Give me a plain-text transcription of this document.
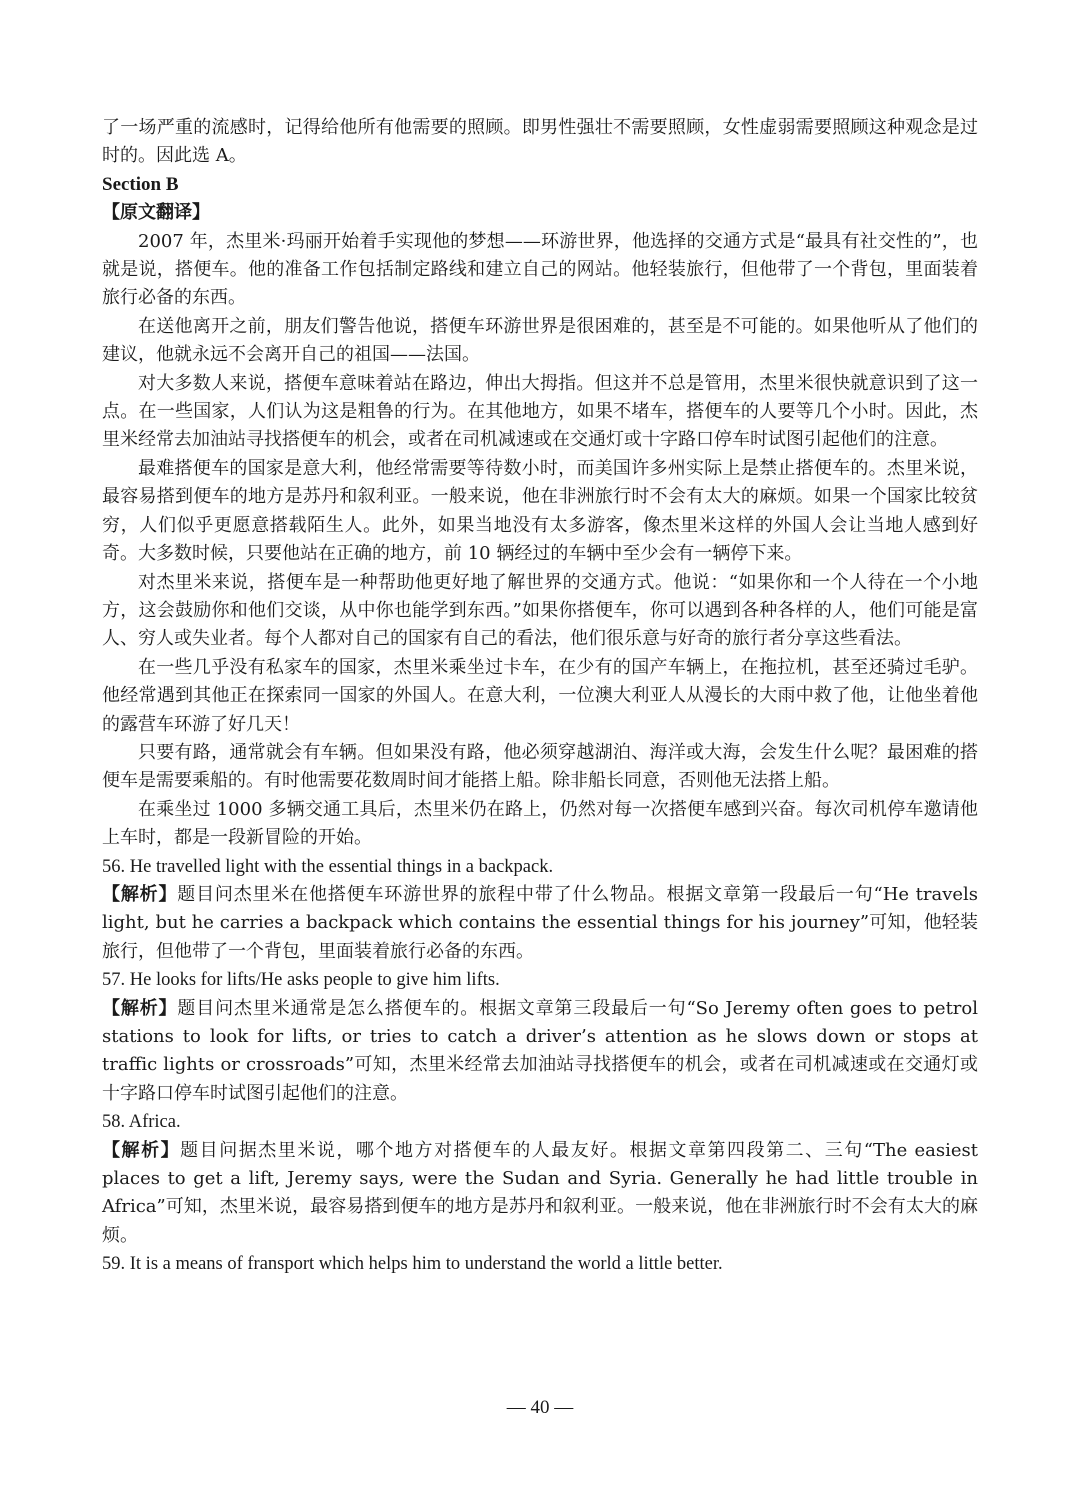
了一场严重的流感时，记得给他所有他需要的照顾。即男性强壮不需要照顾，女性虚弱需要照顾这种观念是过时的。因此选 A。

Section B

【原文翻译】

2007 年，杰里米·玛丽开始着手实现他的梦想——环游世界，他选择的交通方式是“最具有社交性的”，也就是说，搭便车。他的准备工作包括制定路线和建立自己的网站。他轻装旅行，但他带了一个背包，里面装着旅行必备的东西。

在送他离开之前，朋友们警告他说，搭便车环游世界是很困难的，甚至是不可能的。如果他听从了他们的建议，他就永远不会离开自己的祖国——法国。

对大多数人来说，搭便车意味着站在路边，伸出大拇指。但这并不总是管用，杰里米很快就意识到了这一点。在一些国家，人们认为这是粗鲁的行为。在其他地方，如果不堵车，搭便车的人要等几个小时。因此，杰里米经常去加油站寻找搭便车的机会，或者在司机减速或在交通灯或十字路口停车时试图引起他们的注意。

最难搭便车的国家是意大利，他经常需要等待数小时，而美国许多州实际上是禁止搭便车的。杰里米说，最容易搭到便车的地方是苏丹和叙利亚。一般来说，他在非洲旅行时不会有太大的麻烦。如果一个国家比较贫穷，人们似乎更愿意搭载陌生人。此外，如果当地没有太多游客，像杰里米这样的外国人会让当地人感到好奇。大多数时候，只要他站在正确的地方，前 10 辆经过的车辆中至少会有一辆停下来。

对杰里米来说，搭便车是一种帮助他更好地了解世界的交通方式。他说：“如果你和一个人待在一个小地方，这会鼓励你和他们交谈，从中你也能学到东西。”如果你搭便车，你可以遇到各种各样的人，他们可能是富人、穷人或失业者。每个人都对自己的国家有自己的看法，他们很乐意与好奇的旅行者分享这些看法。

在一些几乎没有私家车的国家，杰里米乘坐过卡车，在少有的国产车辆上，在拖拉机，甚至还骑过毛驴。他经常遇到其他正在探索同一国家的外国人。在意大利，一位澳大利亚人从漫长的大雨中救了他，让他坐着他的露营车环游了好几天！

只要有路，通常就会有车辆。但如果没有路，他必须穿越湖泊、海洋或大海，会发生什么呢？最困难的搭便车是需要乘船的。有时他需要花数周时间才能搭上船。除非船长同意，否则他无法搭上船。

在乘坐过 1000 多辆交通工具后，杰里米仍在路上，仍然对每一次搭便车感到兴奋。每次司机停车邀请他上车时，都是一段新冒险的开始。

56. He travelled light with the essential things in a backpack.

【解析】题目问杰里米在他搭便车环游世界的旅程中带了什么物品。根据文章第一段最后一句“He travels light, but he carries a backpack which contains the essential things for his journey”可知，他轻装旅行，但他带了一个背包，里面装着旅行必备的东西。

57. He looks for lifts/He asks people to give him lifts.

【解析】题目问杰里米通常是怎么搭便车的。根据文章第三段最后一句“So Jeremy often goes to petrol stations to look for lifts, or tries to catch a driver’s attention as he slows down or stops at traffic lights or crossroads”可知，杰里米经常去加油站寻找搭便车的机会，或者在司机减速或在交通灯或十字路口停车时试图引起他们的注意。

58. Africa.

【解析】题目问据杰里米说，哪个地方对搭便车的人最友好。根据文章第四段第二、三句“The easiest places to get a lift, Jeremy says, were the Sudan and Syria. Generally he had little trouble in Africa”可知，杰里米说，最容易搭到便车的地方是苏丹和叙利亚。一般来说，他在非洲旅行时不会有太大的麻烦。

59. It is a means of fransport which helps him to understand the world a little better.

— 40 —
